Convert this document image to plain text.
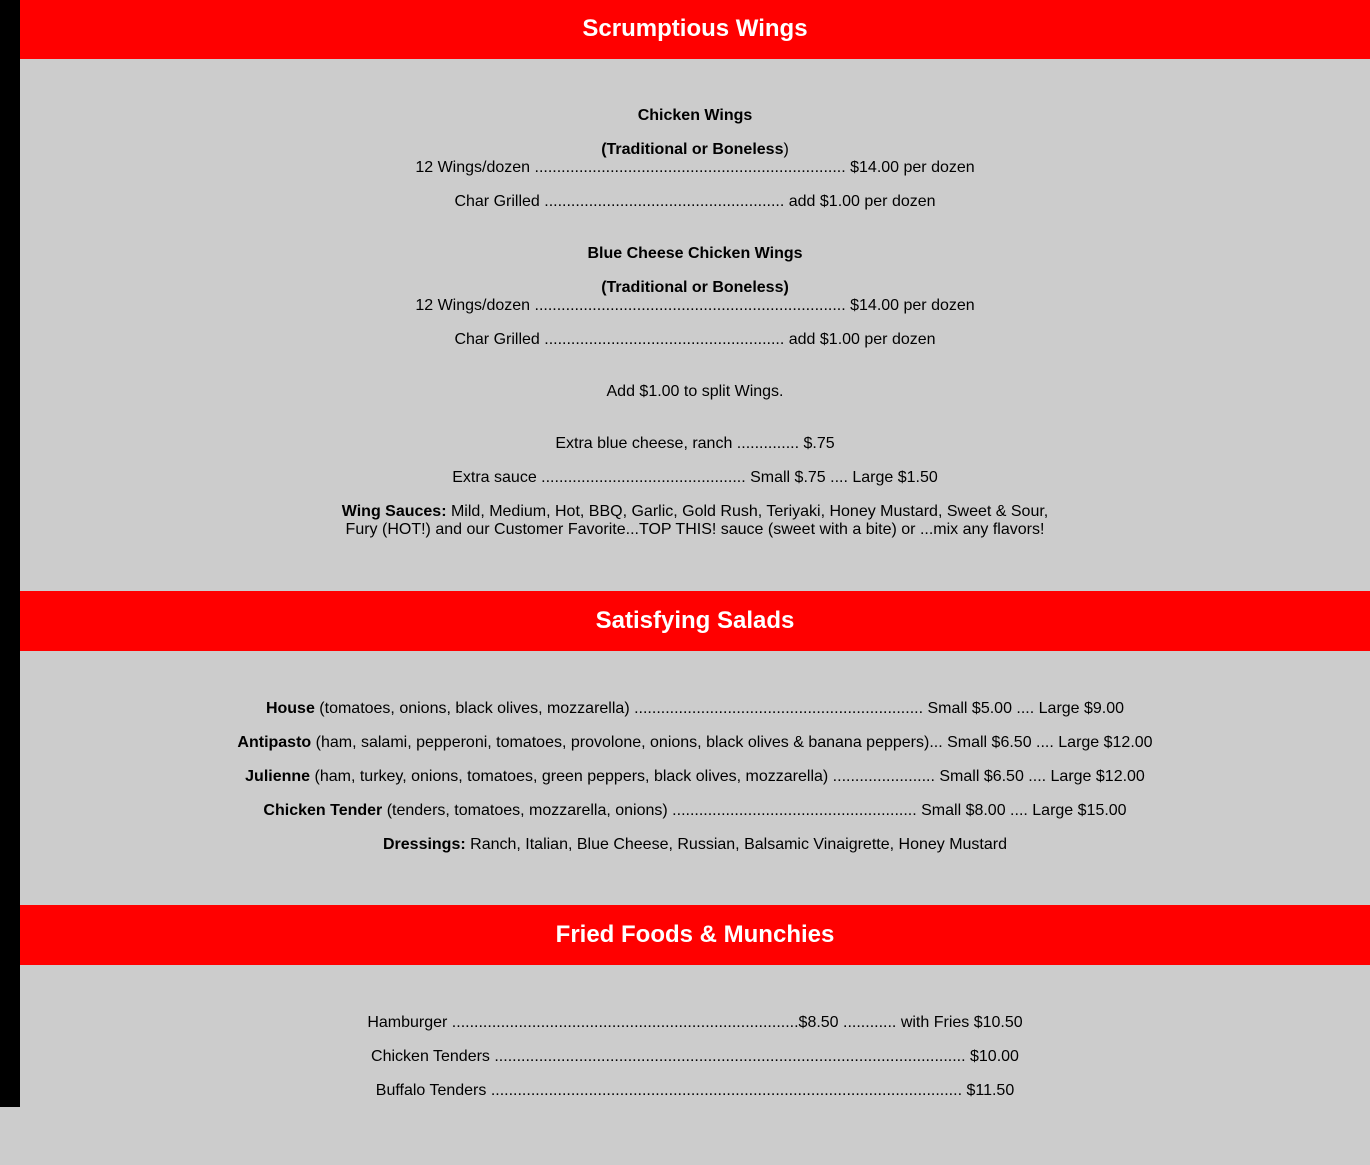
Scrumptious Wings
Chicken Wings
(Traditional or Boneless)
12 Wings/dozen ...................................................................... $14.00 per dozen
Char Grilled ...................................................... add $1.00 per dozen
Blue Cheese Chicken Wings
(Traditional or Boneless)
12 Wings/dozen ...................................................................... $14.00 per dozen
Char Grilled ...................................................... add $1.00 per dozen
Add $1.00 to split Wings.
Extra blue cheese, ranch .............. $.75
Extra sauce .............................................. Small $.75 .... Large $1.50
Wing Sauces: Mild, Medium, Hot, BBQ, Garlic, Gold Rush, Teriyaki, Honey Mustard, Sweet & Sour,
Fury (HOT!) and our Customer Favorite...TOP THIS! sauce (sweet with a bite) or ...mix any flavors!
Satisfying Salads
House (tomatoes, onions, black olives, mozzarella) ................................................................. Small $5.00 .... Large $9.00
Antipasto (ham, salami, pepperoni, tomatoes, provolone, onions, black olives & banana peppers)... Small $6.50 .... Large $12.00
Julienne (ham, turkey, onions, tomatoes, green peppers, black olives, mozzarella) ....................... Small $6.50 .... Large $12.00
Chicken Tender (tenders, tomatoes, mozzarella, onions) ....................................................... Small $8.00 .... Large $15.00
Dressings: Ranch, Italian, Blue Cheese, Russian, Balsamic Vinaigrette, Honey Mustard
Fried Foods & Munchies
Hamburger ..............................................................................$8.50 ............ with Fries $10.50
Chicken Tenders .......................................................................................................... $10.00
Buffalo Tenders .......................................................................................................... $11.50
